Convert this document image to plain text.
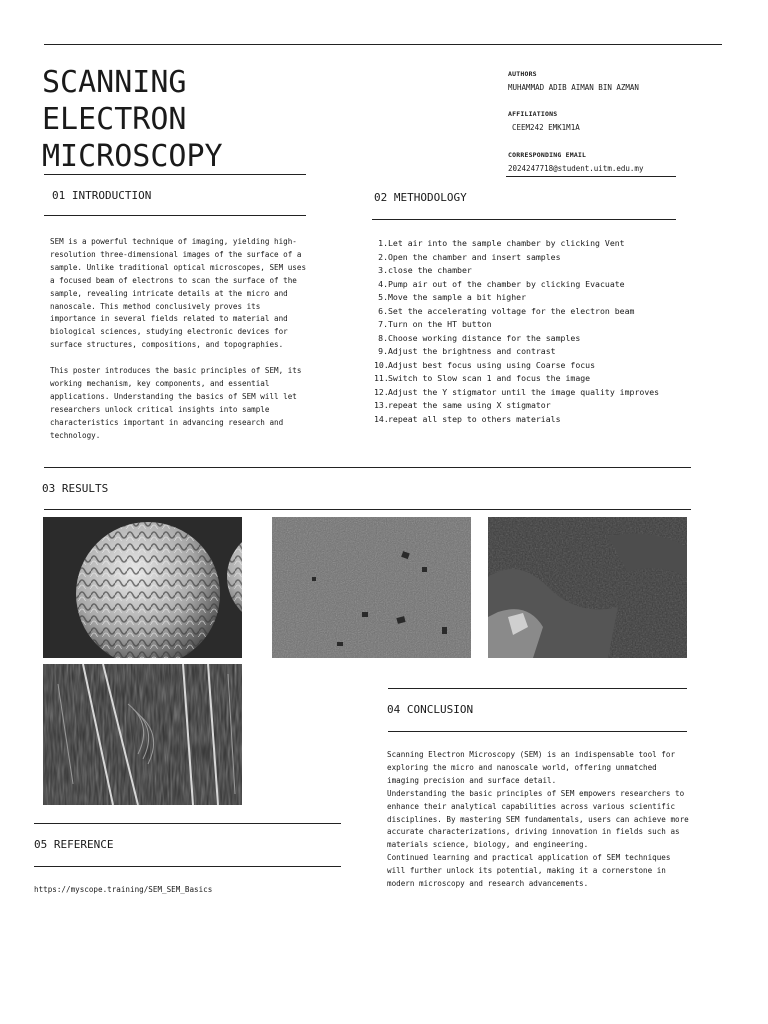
SCANNING
ELECTRON
MICROSCOPY
AUTHORS
MUHAMMAD ADIB AIMAN BIN AZMAN
AFFILIATIONS
CEEM242 EMK1M1A
CORRESPONDING EMAIL
2024247718@student.uitm.edu.my
01 INTRODUCTION

SEM is a powerful technique of imaging, yielding high-resolution three-dimensional images of the surface of a sample. Unlike traditional optical microscopes, SEM uses a focused beam of electrons to scan the surface of the sample, revealing intricate details at the micro and nanoscale. This method conclusively proves its importance in several fields related to material and biological sciences, studying electronic devices for surface structures, compositions, and topographies.

This poster introduces the basic principles of SEM, its working mechanism, key components, and essential applications. Understanding the basics of SEM will let researchers unlock critical insights into sample characteristics important in advancing research and technology.

02 METHODOLOGY
1.Let air into the sample chamber by clicking Vent
2.Open the chamber and insert samples
3.close the chamber
4.Pump air out of the chamber by clicking Evacuate
5.Move the sample a bit higher
6.Set the accelerating voltage for the electron beam
7.Turn on the HT button
8.Choose working distance for the samples
9.Adjust the brightness and contrast
10.Adjust best focus using using Coarse focus
11.Switch to Slow scan 1 and focus the image
12.Adjust the Y stigmator until the image quality improves
13.repeat the same using X stigmator
14.repeat all step to others materials
03 RESULTS
04 CONCLUSION
Scanning Electron Microscopy (SEM) is an indispensable tool for exploring the micro and nanoscale world, offering unmatched imaging precision and surface detail.
Understanding the basic principles of SEM empowers researchers to enhance their analytical capabilities across various scientific disciplines. By mastering SEM fundamentals, users can achieve more accurate characterizations, driving innovation in fields such as materials science, biology, and engineering.
Continued learning and practical application of SEM techniques will further unlock its potential, making it a cornerstone in modern microscopy and research advancements.
05 REFERENCE
https://myscope.training/SEM_SEM_Basics
